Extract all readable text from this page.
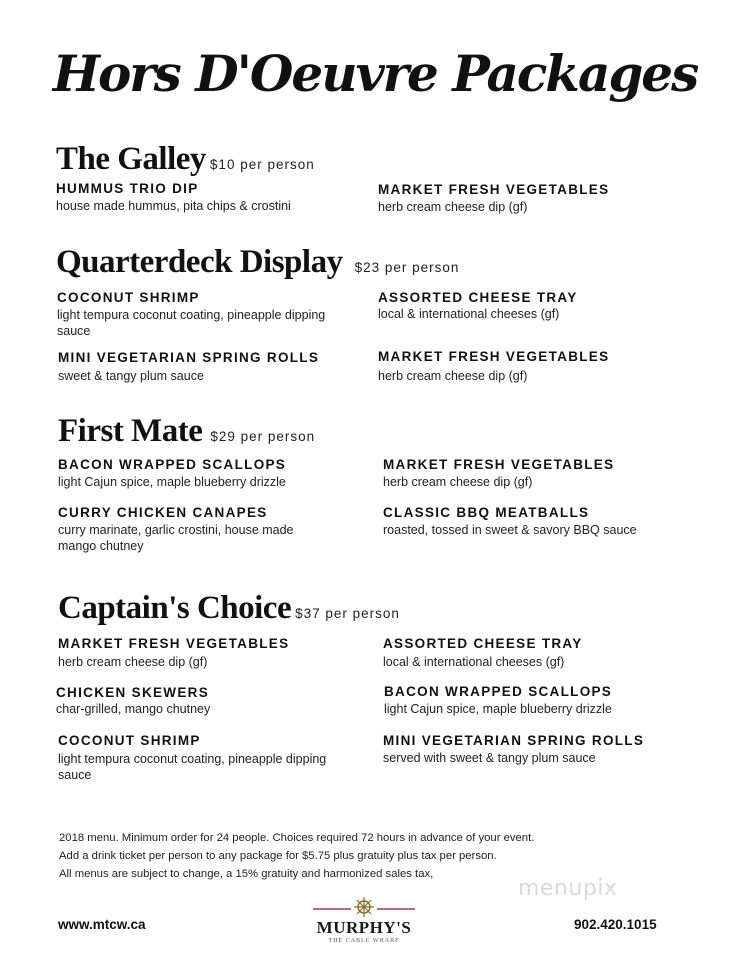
Hors D'Oeuvre Packages
The Galley $10 per person
HUMMUS TRIO DIP
house made hummus, pita chips & crostini
MARKET FRESH VEGETABLES
herb cream cheese dip (gf)
Quarterdeck Display $23 per person
COCONUT SHRIMP
light tempura coconut coating, pineapple dipping sauce
ASSORTED CHEESE TRAY
local & international cheeses (gf)
MINI VEGETARIAN SPRING ROLLS
sweet & tangy plum sauce
MARKET FRESH VEGETABLES
herb cream cheese dip (gf)
First Mate $29 per person
BACON WRAPPED SCALLOPS
light Cajun spice, maple blueberry drizzle
MARKET FRESH VEGETABLES
herb cream cheese dip (gf)
CURRY CHICKEN CANAPES
curry marinate, garlic crostini, house made mango chutney
CLASSIC BBQ MEATBALLS
roasted, tossed in sweet & savory BBQ sauce
Captain's Choice $37 per person
MARKET FRESH VEGETABLES
herb cream cheese dip (gf)
ASSORTED CHEESE TRAY
local & international cheeses (gf)
CHICKEN SKEWERS
char-grilled, mango chutney
BACON WRAPPED SCALLOPS
light Cajun spice, maple blueberry drizzle
COCONUT SHRIMP
light tempura coconut coating, pineapple dipping sauce
MINI VEGETARIAN SPRING ROLLS
served with sweet & tangy plum sauce
2018 menu. Minimum order for 24 people. Choices required 72 hours in advance of your event.
Add a drink ticket per person to any package for $5.75 plus gratuity plus tax per person.
All menus are subject to change, a 15% gratuity and harmonized sales tax,
menupix
www.mtcw.ca	902.420.1015
MURPHY'S
THE CABLE WHARF
